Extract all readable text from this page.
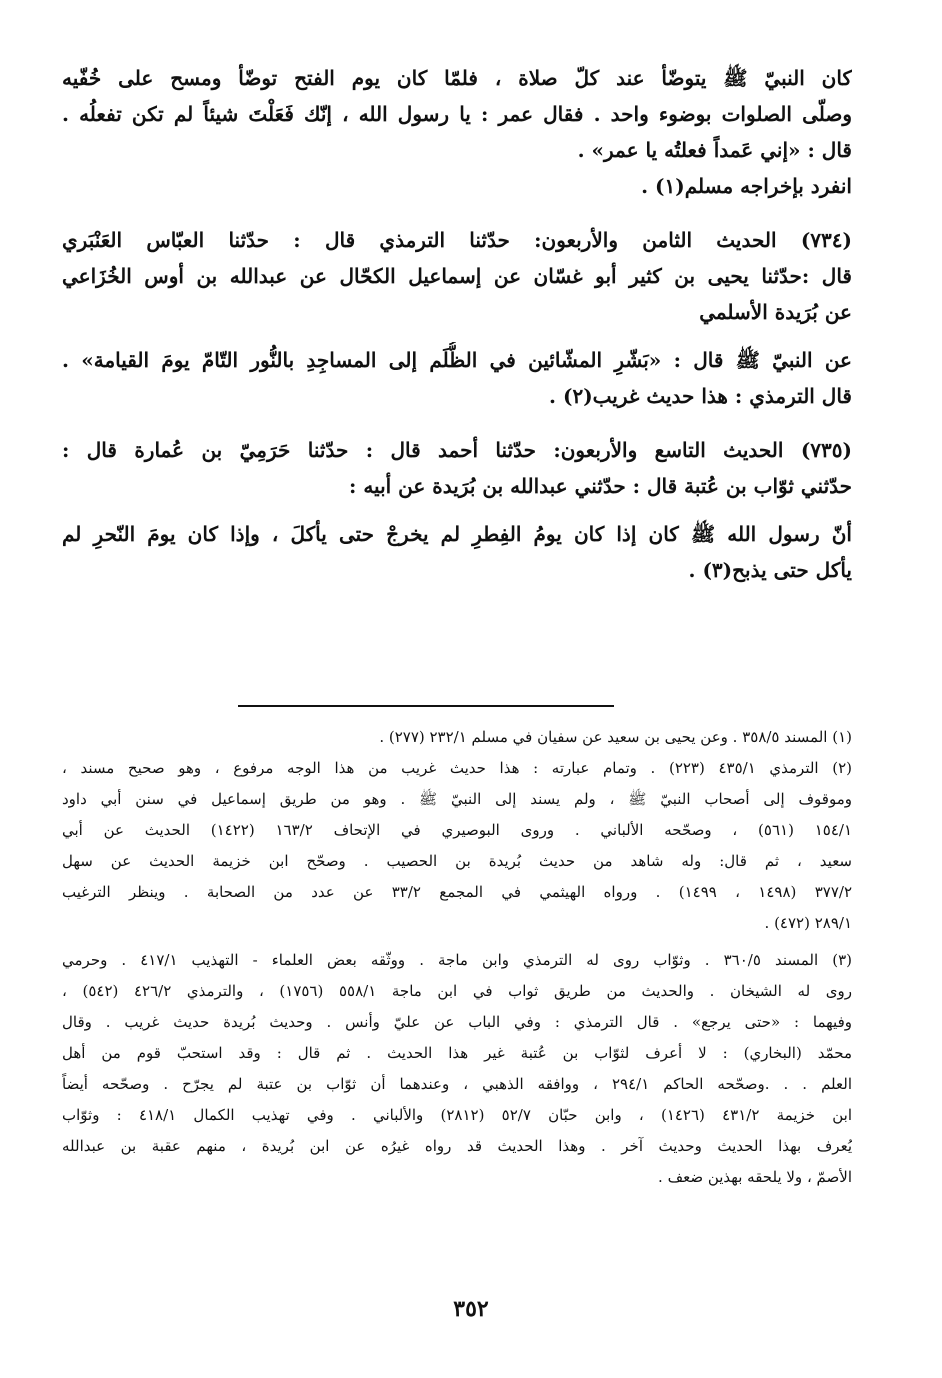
كان النبيّ ﷺ يتوضّأ عند كلّ صلاة ، فلمّا كان يوم الفتح توضّأ ومسح على خُفّيه
وصلّى الصلوات بوضوء واحد . فقال عمر : يا رسول الله ، إنّك فَعَلْتَ شيئاً لم تكن تفعلُه .
قال : «إني عَمداً فعلتُه يا عمر» .
انفرد بإخراجه مسلم(١) .
(٧٣٤) الحديث الثامن والأربعون: حدّثنا الترمذي قال : حدّثنا العبّاس العَنْبَري
قال :حدّثنا يحيى بن كثير أبو غسّان عن إسماعيل الكحّال عن عبدالله بن أوس الخُزَاعي
عن بُرَيدة الأسلمي
عن النبيّ ﷺ قال : «بَشّرِ المشّائين في الظُّلَم إلى المساجِدِ بالنُّور التّامّ يومَ القيامة» .
قال الترمذي : هذا حديث غريب(٢) .
(٧٣٥) الحديث التاسع والأربعون: حدّثنا أحمد قال : حدّثنا حَرَمِيّ بن عُمارة قال :
حدّثني ثوّاب بن عُتبة قال : حدّثني عبدالله بن بُرَيدة عن أبيه :
أنّ رسول الله ﷺ كان إذا كان يومُ الفِطرِ لم يخرجْ حتى يأكلَ ، وإذا كان يومَ النّحرِ لم
يأكل حتى يذبح(٣) .
(١) المسند ٣٥٨/٥ . وعن يحيى بن سعيد عن سفيان في مسلم ٢٣٢/١ (٢٧٧) .
(٢) الترمذي ٤٣٥/١ (٢٢٣) . وتمام عبارته : هذا حديث غريب من هذا الوجه مرفوع ، وهو صحيح مسند ،
وموقوف إلى أصحاب النبيّ ﷺ ، ولم يسند إلى النبيّ ﷺ . وهو من طريق إسماعيل في سنن أبي داود
١٥٤/١ (٥٦١) ، وصحّحه الألباني . وروى البوصيري في الإتحاف ١٦٣/٢ (١٤٢٢) الحديث عن أبي
سعيد ، ثم قال: وله شاهد من حديث بُريدة بن الحصيب . وصحّح ابن خزيمة الحديث عن سهل
٣٧٧/٢ (١٤٩٨ ، ١٤٩٩) . ورواه الهيثمي في المجمع ٣٣/٢ عن عدد من الصحابة . وينظر الترغيب
٢٨٩/١ (٤٧٢) .
(٣) المسند ٣٦٠/٥ . وثوّاب روى له الترمذي وابن ماجة . ووثّقه بعض العلماء - التهذيب ٤١٧/١ . وحرمي
روى له الشيخان . والحديث من طريق ثواب في ابن ماجة ٥٥٨/١ (١٧٥٦) ، والترمذي ٤٢٦/٢ (٥٤٢) ،
وفيهما : «حتى يرجع» . قال الترمذي : وفي الباب عن عليّ وأنس . وحديث بُريدة حديث غريب . وقال
محمّد (البخاري) : لا أعرف لثوّاب بن عُتبة غير هذا الحديث . ثم قال : وقد استحبّ قوم من أهل
العلم . . .وصحّحه الحاكم ٢٩٤/١ ، ووافقه الذهبي ، وعندهما أن ثوّاب بن عتبة لم يجرّح . وصحّحه أيضاً
ابن خزيمة ٤٣١/٢ (١٤٢٦) ، وابن حبّان ٥٢/٧ (٢٨١٢) والألباني . وفي تهذيب الكمال ٤١٨/١ : وثوّاب
يُعرف بهذا الحديث وحديث آخر . وهذا الحديث قد رواه غيرُه عن ابن بُريدة ، منهم عقبة بن عبدالله
الأصمّ ، ولا يلحقه بهذين ضعف .
٣٥٢
